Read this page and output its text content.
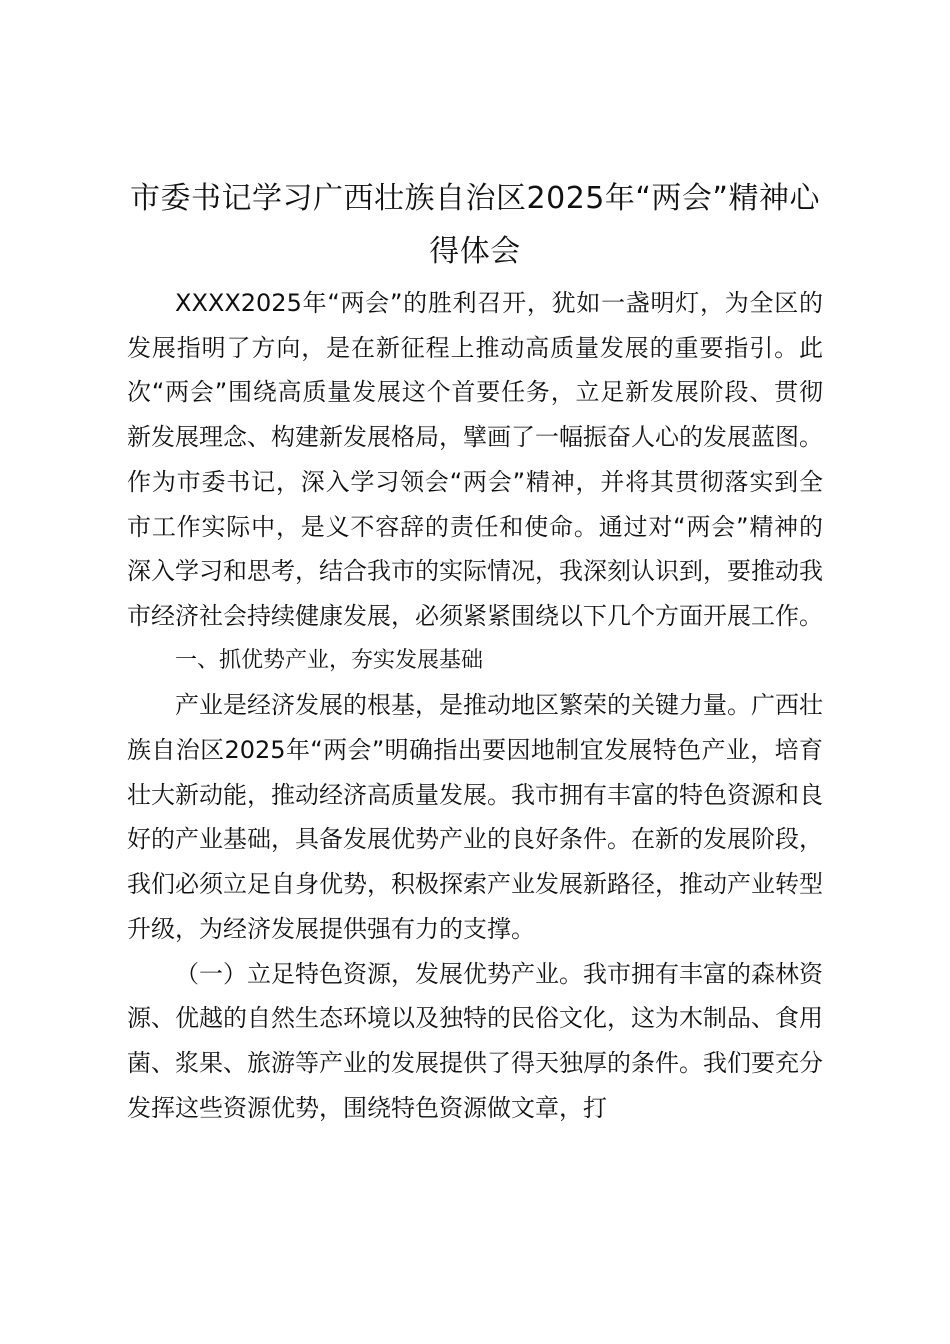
市委书记学习广西壮族自治区2025年“两会”精神心得体会

XXXX2025年“两会”的胜利召开，犹如一盏明灯，为全区的发展指明了方向，是在新征程上推动高质量发展的重要指引。此次“两会”围绕高质量发展这个首要任务，立足新发展阶段、贯彻新发展理念、构建新发展格局，擘画了一幅振奋人心的发展蓝图。作为市委书记，深入学习领会“两会”精神，并将其贯彻落实到全市工作实际中，是义不容辞的责任和使命。通过对“两会”精神的深入学习和思考，结合我市的实际情况，我深刻认识到，要推动我市经济社会持续健康发展，必须紧紧围绕以下几个方面开展工作。

一、抓优势产业，夯实发展基础

产业是经济发展的根基，是推动地区繁荣的关键力量。广西壮族自治区2025年“两会”明确指出要因地制宜发展特色产业，培育壮大新动能，推动经济高质量发展。我市拥有丰富的特色资源和良好的产业基础，具备发展优势产业的良好条件。在新的发展阶段，我们必须立足自身优势，积极探索产业发展新路径，推动产业转型升级，为经济发展提供强有力的支撑。

（一）立足特色资源，发展优势产业。我市拥有丰富的森林资源、优越的自然生态环境以及独特的民俗文化，这为木制品、食用菌、浆果、旅游等产业的发展提供了得天独厚的条件。我们要充分发挥这些资源优势，围绕特色资源做文章，打
